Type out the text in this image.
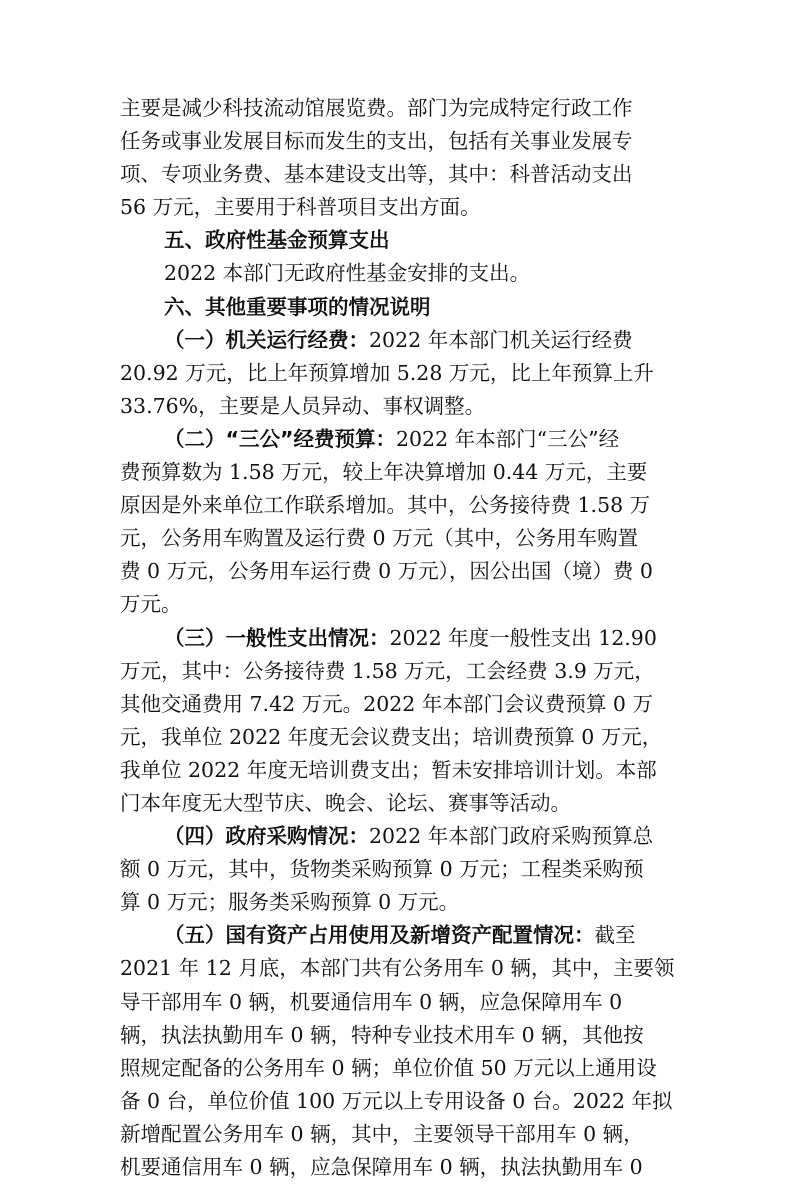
主要是减少科技流动馆展览费。部门为完成特定行政工作
任务或事业发展目标而发生的支出，包括有关事业发展专
项、专项业务费、基本建设支出等，其中：科普活动支出
56 万元，主要用于科普项目支出方面。
五、政府性基金预算支出
2022 本部门无政府性基金安排的支出。
六、其他重要事项的情况说明
（一）机关运行经费：2022 年本部门机关运行经费
20.92 万元，比上年预算增加 5.28 万元，比上年预算上升
33.76%，主要是人员异动、事权调整。
（二）“三公”经费预算：2022 年本部门“三公”经
费预算数为 1.58 万元，较上年决算增加 0.44 万元，主要
原因是外来单位工作联系增加。其中，公务接待费 1.58 万
元，公务用车购置及运行费 0 万元（其中，公务用车购置
费 0 万元，公务用车运行费 0 万元），因公出国（境）费 0
万元。
（三）一般性支出情况：2022 年度一般性支出 12.90
万元，其中：公务接待费 1.58 万元，工会经费 3.9 万元，
其他交通费用 7.42 万元。2022 年本部门会议费预算 0 万
元，我单位 2022 年度无会议费支出；培训费预算 0 万元，
我单位 2022 年度无培训费支出；暂未安排培训计划。本部
门本年度无大型节庆、晚会、论坛、赛事等活动。
（四）政府采购情况：2022 年本部门政府采购预算总
额 0 万元，其中，货物类采购预算 0 万元；工程类采购预
算 0 万元；服务类采购预算 0 万元。
（五）国有资产占用使用及新增资产配置情况：截至
2021 年 12 月底，本部门共有公务用车 0 辆，其中，主要领
导干部用车 0 辆，机要通信用车 0 辆，应急保障用车 0
辆，执法执勤用车 0 辆，特种专业技术用车 0 辆，其他按
照规定配备的公务用车 0 辆；单位价值 50 万元以上通用设
备 0 台，单位价值 100 万元以上专用设备 0 台。2022 年拟
新增配置公务用车 0 辆，其中，主要领导干部用车 0 辆，
机要通信用车 0 辆，应急保障用车 0 辆，执法执勤用车 0
